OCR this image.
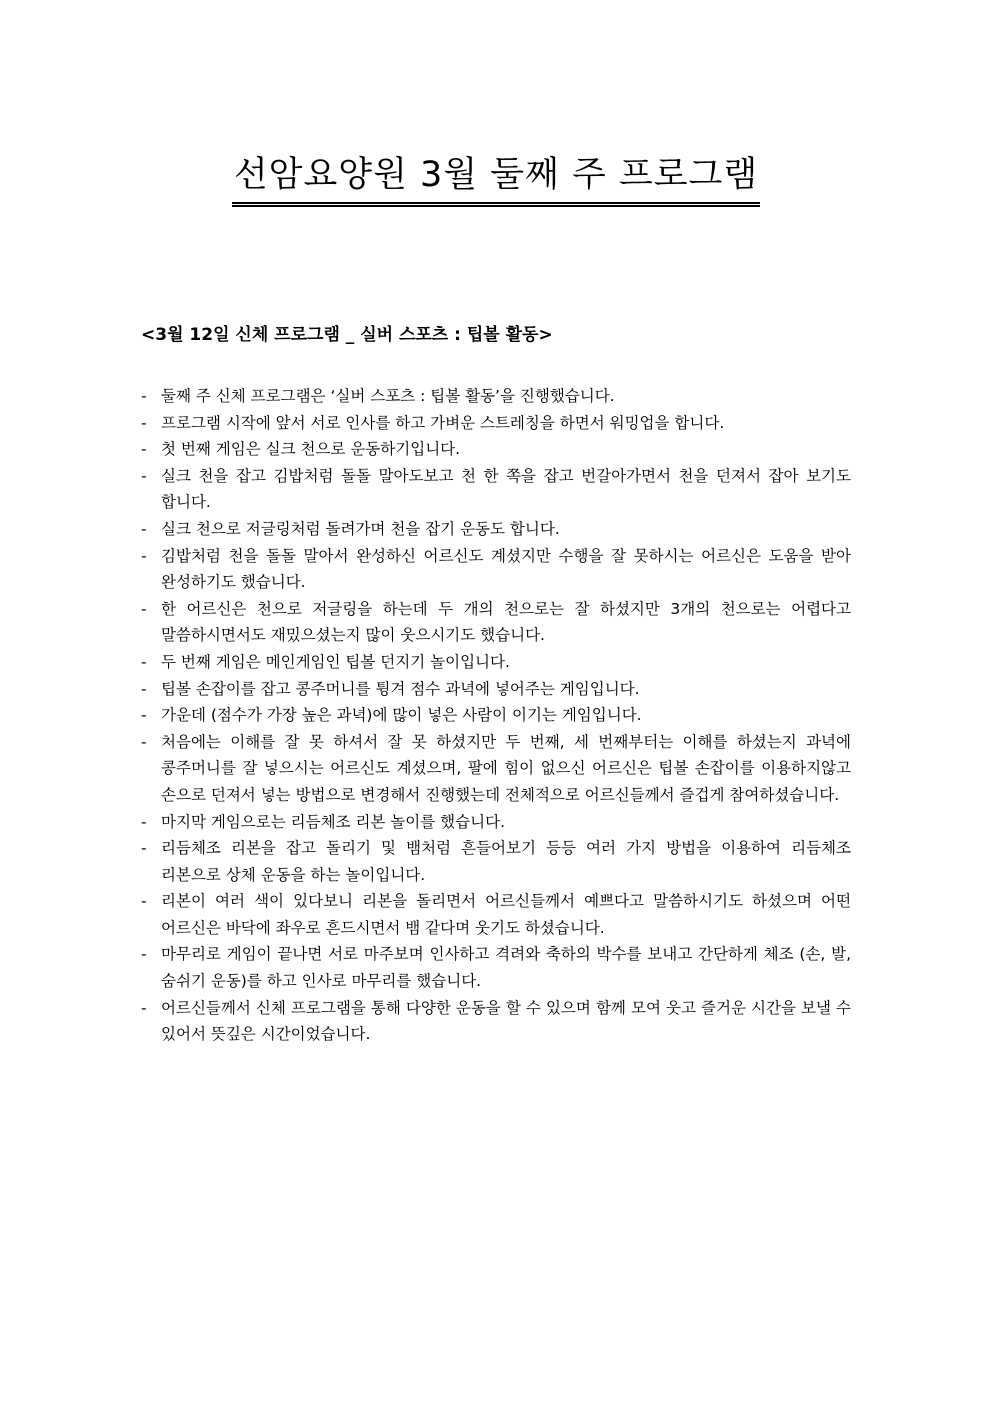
선암요양원 3월 둘째 주 프로그램
<3월 12일 신체 프로그램 _ 실버 스포츠 : 팁볼 활동>
- 둘째 주 신체 프로그램은 ‘실버 스포츠 : 팁볼 활동’을 진행했습니다.
- 프로그램 시작에 앞서 서로 인사를 하고 가벼운 스트레칭을 하면서 워밍업을 합니다.
- 첫 번째 게임은 실크 천으로 운동하기입니다.
- 실크 천을 잡고 김밥처럼 돌돌 말아도보고 천 한 쪽을 잡고 번갈아가면서 천을 던져서 잡아 보기도 합니다.
- 실크 천으로 저글링처럼 돌려가며 천을 잡기 운동도 합니다.
- 김밥처럼 천을 돌돌 말아서 완성하신 어르신도 계셨지만 수행을 잘 못하시는 어르신은 도움을 받아 완성하기도 했습니다.
- 한 어르신은 천으로 저글링을 하는데 두 개의 천으로는 잘 하셨지만 3개의 천으로는 어렵다고 말씀하시면서도 재밌으셨는지 많이 웃으시기도 했습니다.
- 두 번째 게임은 메인게임인 팁볼 던지기 놀이입니다.
- 팁볼 손잡이를 잡고 콩주머니를 튕겨 점수 과녁에 넣어주는 게임입니다.
- 가운데 (점수가 가장 높은 과녁)에 많이 넣은 사람이 이기는 게임입니다.
- 처음에는 이해를 잘 못 하셔서 잘 못 하셨지만 두 번째, 세 번째부터는 이해를 하셨는지 과녁에 콩주머니를 잘 넣으시는 어르신도 계셨으며, 팔에 힘이 없으신 어르신은 팁볼 손잡이를 이용하지않고 손으로 던져서 넣는 방법으로 변경해서 진행했는데 전체적으로 어르신들께서 즐겁게 참여하셨습니다.
- 마지막 게임으로는 리듬체조 리본 놀이를 했습니다.
- 리듬체조 리본을 잡고 돌리기 및 뱀처럼 흔들어보기 등등 여러 가지 방법을 이용하여 리듬체조 리본으로 상체 운동을 하는 놀이입니다.
- 리본이 여러 색이 있다보니 리본을 돌리면서 어르신들께서 예쁘다고 말씀하시기도 하셨으며 어떤 어르신은 바닥에 좌우로 흔드시면서 뱀 같다며 웃기도 하셨습니다.
- 마무리로 게임이 끝나면 서로 마주보며 인사하고 격려와 축하의 박수를 보내고 간단하게 체조 (손, 발, 숨쉬기 운동)를 하고 인사로 마무리를 했습니다.
- 어르신들께서 신체 프로그램을 통해 다양한 운동을 할 수 있으며 함께 모여 웃고 즐거운 시간을 보낼 수 있어서 뜻깊은 시간이었습니다.
